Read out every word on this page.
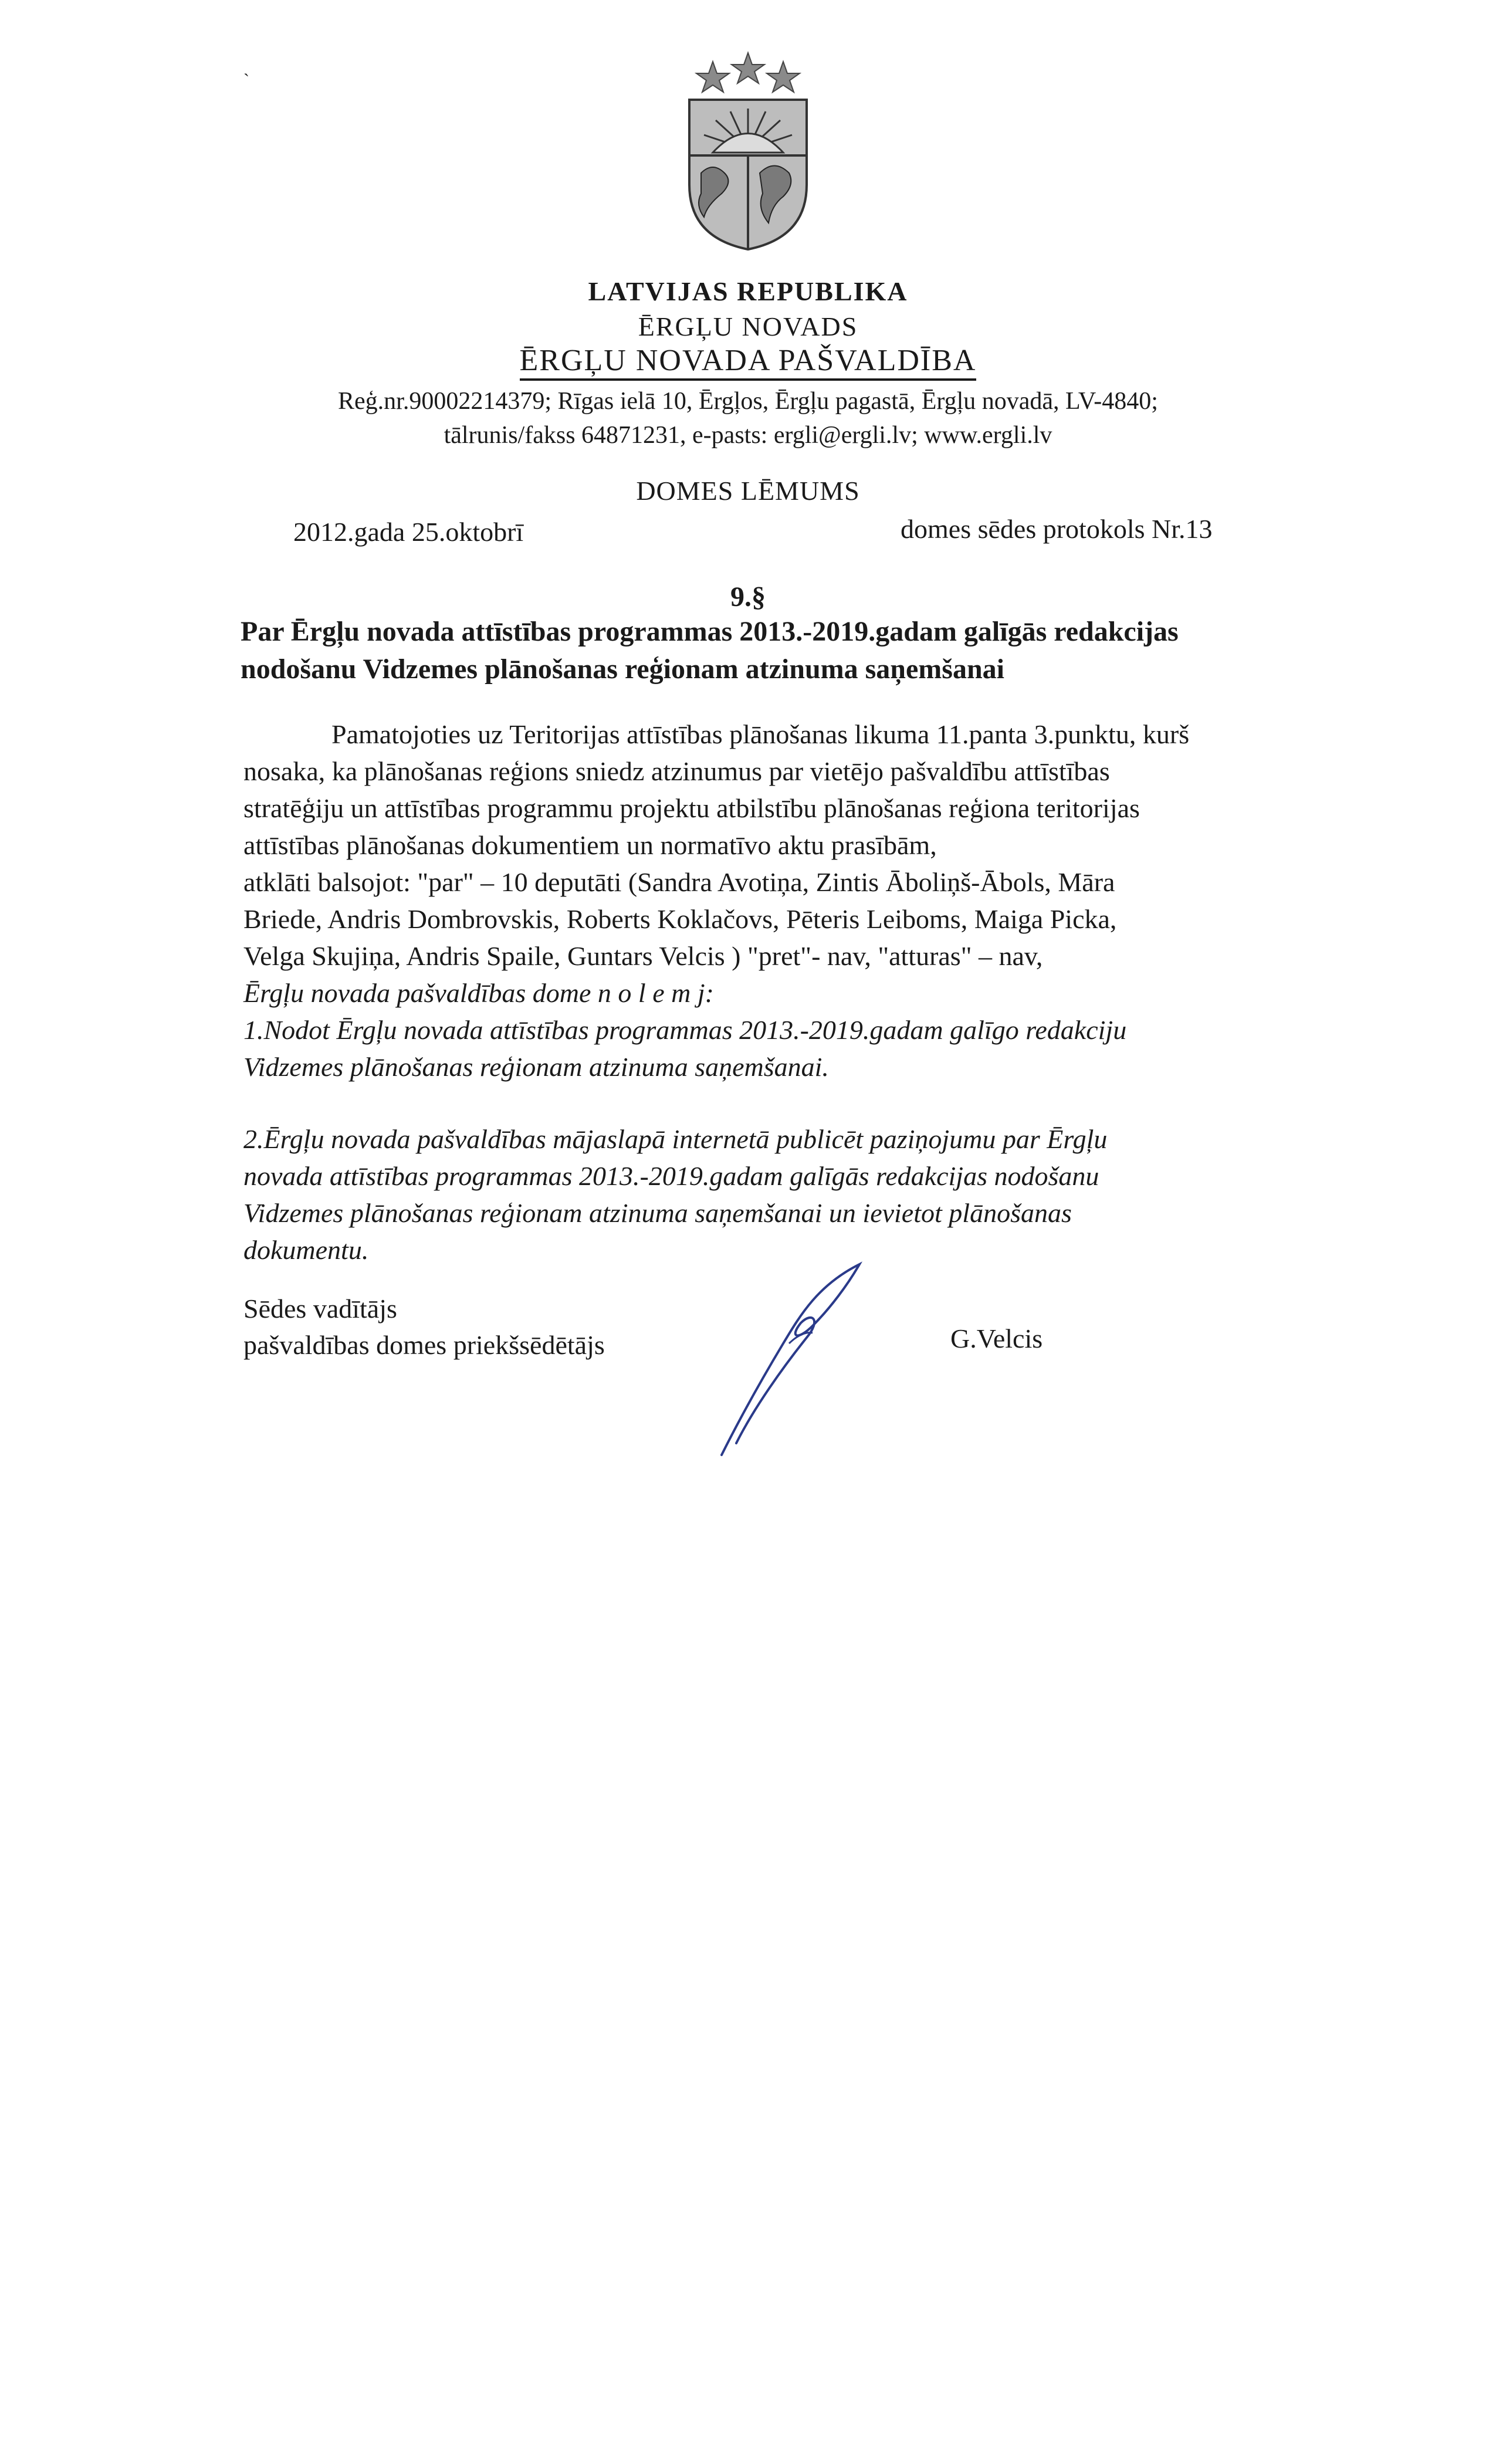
ˋ
LATVIJAS REPUBLIKA
ĒRGĻU NOVADS
ĒRGĻU NOVADA PAŠVALDĪBA
Reģ.nr.90002214379; Rīgas ielā 10, Ērgļos, Ērgļu pagastā, Ērgļu novadā, LV-4840;
tālrunis/fakss 64871231, e-pasts: ergli@ergli.lv; www.ergli.lv
DOMES LĒMUMS
2012.gada 25.oktobrī	domes sēdes protokols Nr.13
9.§
Par Ērgļu novada attīstības programmas 2013.-2019.gadam galīgās redakcijas
nodošanu Vidzemes plānošanas reģionam atzinuma saņemšanai

Pamatojoties uz Teritorijas attīstības plānošanas likuma 11.panta 3.punktu, kurš

nosaka, ka plānošanas reģions sniedz atzinumus par vietējo pašvaldību attīstības

stratēģiju un attīstības programmu projektu atbilstību plānošanas reģiona teritorijas

attīstības plānošanas dokumentiem un normatīvo aktu prasībām,

atklāti balsojot: "par" – 10 deputāti (Sandra Avotiņa, Zintis Āboliņš-Ābols, Māra

Briede, Andris Dombrovskis, Roberts Koklačovs, Pēteris Leiboms, Maiga Picka,

Velga Skujiņa, Andris Spaile, Guntars Velcis ) "pret"- nav, "atturas" – nav,

Ērgļu novada pašvaldības dome n o l e m j:

1.Nodot Ērgļu novada attīstības programmas 2013.-2019.gadam galīgo redakciju

Vidzemes plānošanas reģionam atzinuma saņemšanai.

2.Ērgļu novada pašvaldības mājaslapā internetā publicēt paziņojumu par Ērgļu

novada attīstības programmas 2013.-2019.gadam galīgās redakcijas nodošanu

Vidzemes plānošanas reģionam atzinuma saņemšanai un ievietot plānošanas

dokumentu.

Sēdes vadītājs
pašvaldības domes priekšsēdētājs	G.Velcis
